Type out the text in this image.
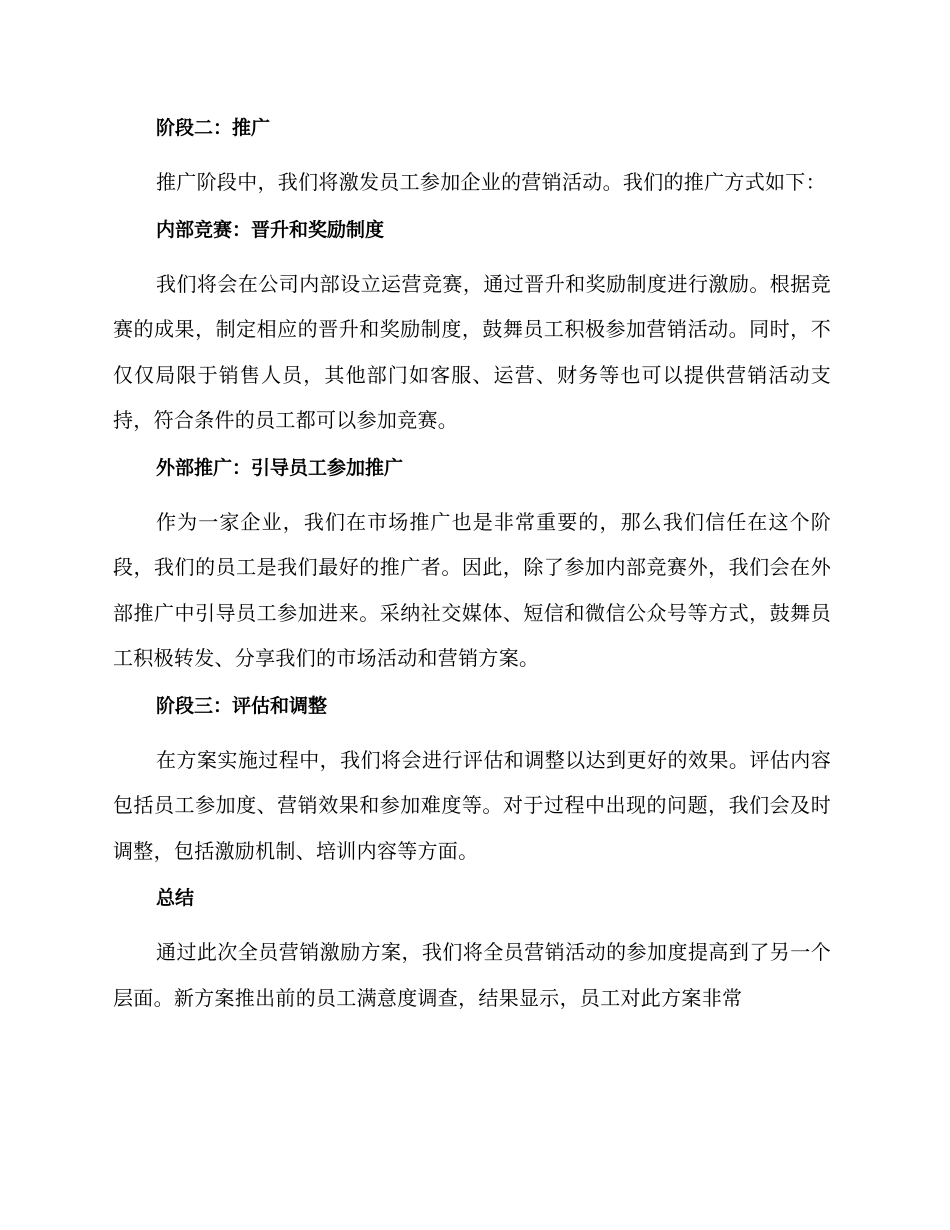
阶段二：推广
推广阶段中，我们将激发员工参加企业的营销活动。我们的推广方式如下：
内部竞赛：晋升和奖励制度
我们将会在公司内部设立运营竞赛，通过晋升和奖励制度进行激励。根据竞赛的成果，制定相应的晋升和奖励制度，鼓舞员工积极参加营销活动。同时，不仅仅局限于销售人员，其他部门如客服、运营、财务等也可以提供营销活动支持，符合条件的员工都可以参加竞赛。
外部推广：引导员工参加推广
作为一家企业，我们在市场推广也是非常重要的，那么我们信任在这个阶段，我们的员工是我们最好的推广者。因此，除了参加内部竞赛外，我们会在外部推广中引导员工参加进来。采纳社交媒体、短信和微信公众号等方式，鼓舞员工积极转发、分享我们的市场活动和营销方案。
阶段三：评估和调整
在方案实施过程中，我们将会进行评估和调整以达到更好的效果。评估内容包括员工参加度、营销效果和参加难度等。对于过程中出现的问题，我们会及时调整，包括激励机制、培训内容等方面。
总结
通过此次全员营销激励方案，我们将全员营销活动的参加度提高到了另一个层面。新方案推出前的员工满意度调查，结果显示，员工对此方案非常
